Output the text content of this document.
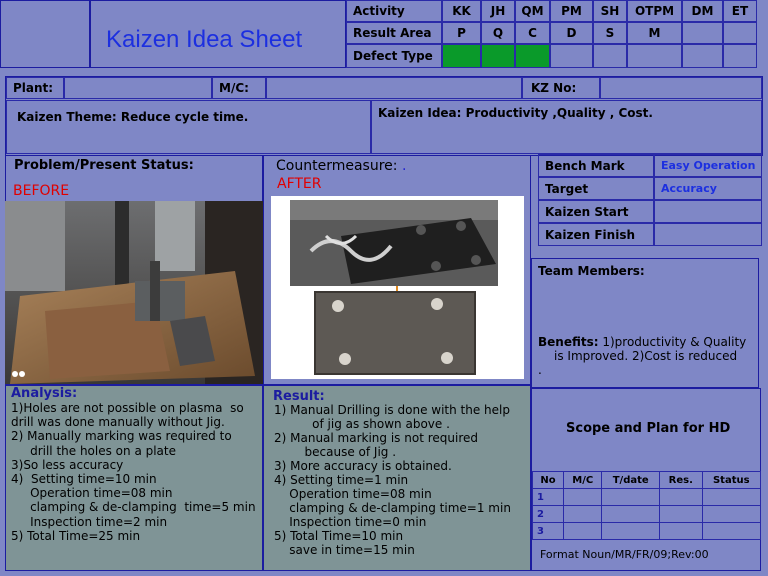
Kaizen Idea Sheet
Activity	KK	JH	QM	PM	SH	OTPM	DM	ET
Result Area	P	Q	C	D	S	M
Defect Type
Plant:	M/C:	KZ No:
Kaizen Theme: Reduce cycle time.	Kaizen Idea: Productivity ,Quality , Cost.
Problem/Present Status:
BEFORE
Countermeasure: .
AFTER
Bench Mark	Easy Operation
Target	Accuracy
Kaizen Start
Kaizen Finish
Team Members:
Benefits: 1)productivity & Quality
is Improved. 2)Cost is reduced
.
Analysis:
1)Holes are not possible on plasma  so
drill was done manually without Jig.
2) Manually marking was required to
drill the holes on a plate
3)So less accuracy
4)  Setting time=10 min
Operation time=08 min
clamping & de-clamping  time=5 min
Inspection time=2 min
5) Total Time=25 min
Result:
1) Manual Drilling is done with the help
of jig as shown above .
2) Manual marking is not required
because of Jig .
3) More accuracy is obtained.
4) Setting time=1 min
Operation time=08 min
clamping & de-clamping time=1 min
Inspection time=0 min
5) Total Time=10 min
save in time=15 min
Scope and Plan for HD
No	M/C	T/date	Res.	Status
1				
2				
3				
Format Noun/MR/FR/09;Rev:00
